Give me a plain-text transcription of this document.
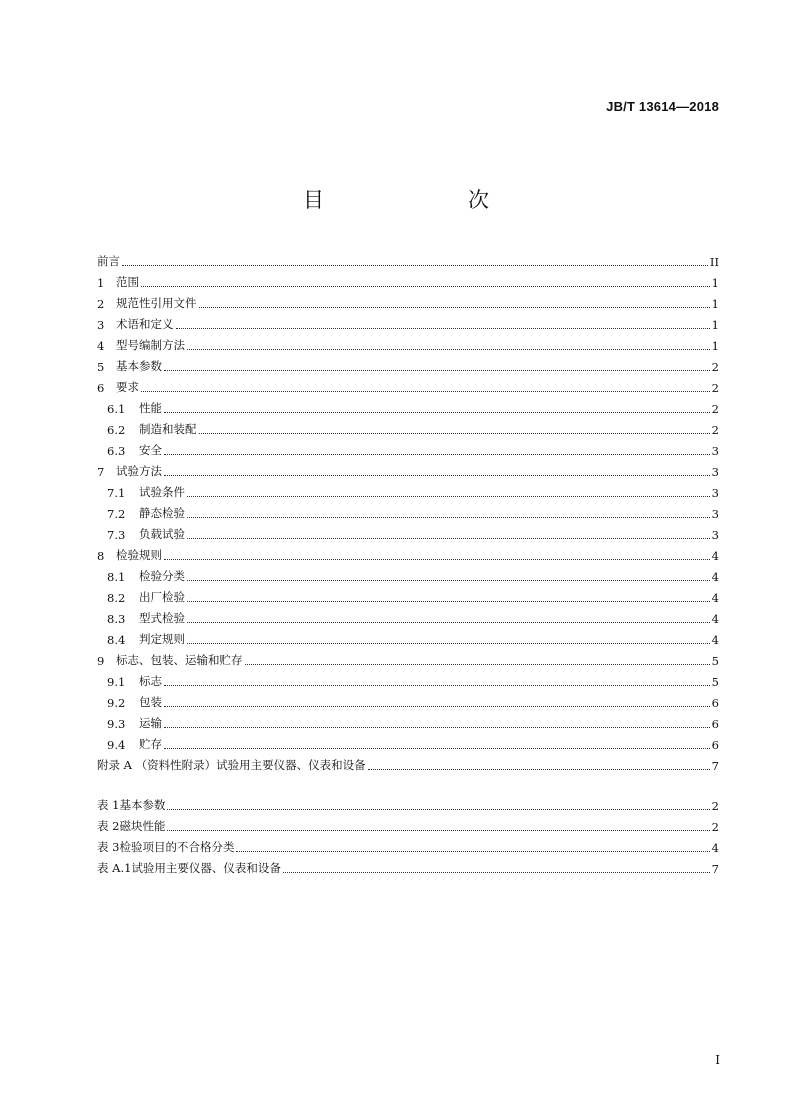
JB/T 13614—2018
目　　次
前言	II
1	范围	1
2	规范性引用文件	1
3	术语和定义	1
4	型号编制方法	1
5	基本参数	2
6	要求	2
6.1	性能	2
6.2	制造和装配	2
6.3	安全	3
7	试验方法	3
7.1	试验条件	3
7.2	静态检验	3
7.3	负载试验	3
8	检验规则	4
8.1	检验分类	4
8.2	出厂检验	4
8.3	型式检验	4
8.4	判定规则	4
9	标志、包装、运输和贮存	5
9.1	标志	5
9.2	包装	6
9.3	运输	6
9.4	贮存	6
附录 A （资料性附录） 试验用主要仪器、仪表和设备	7
表 1 基本参数	2
表 2 磁块性能	2
表 3 检验项目的不合格分类	4
表 A.1 试验用主要仪器、仪表和设备	7
I
